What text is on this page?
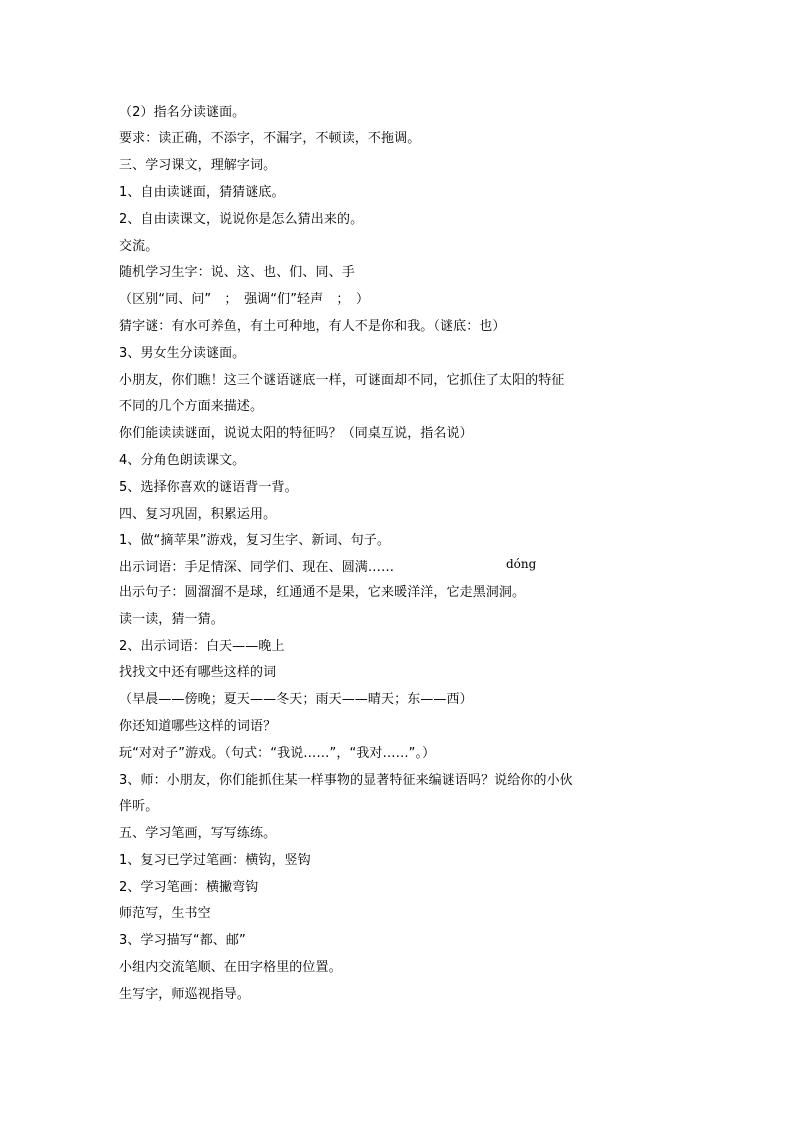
（2）指名分读谜面。
要求：读正确，不添字，不漏字，不顿读，不拖调。
三、学习课文，理解字词。
1、自由读谜面，猜猜谜底。
2、自由读课文，说说你是怎么猜出来的。
交流。
随机学习生字：说、这、也、们、同、手
（区别“同、问”　；　强调“们”轻声　；　）
猜字谜：有水可养鱼，有土可种地，有人不是你和我。（谜底：也）
3、男女生分读谜面。
小朋友，你们瞧！这三个谜语谜底一样，可谜面却不同，它抓住了太阳的特征
不同的几个方面来描述。
你们能读读谜面，说说太阳的特征吗？（同桌互说，指名说）
4、分角色朗读课文。
5、选择你喜欢的谜语背一背。
四、复习巩固，积累运用。
1、做“摘苹果”游戏，复习生字、新词、句子。
dóng
出示词语：手足情深、同学们、现在、圆满……
出示句子：圆溜溜不是球，红通通不是果，它来暖洋洋，它走黑洞洞。
读一读，猜一猜。
2、出示词语：白天——晚上
找找文中还有哪些这样的词
（早晨——傍晚；夏天——冬天；雨天——晴天；东——西）
你还知道哪些这样的词语？
玩“对对子”游戏。（句式：“我说……”，“我对……”。）
3、师：小朋友，你们能抓住某一样事物的显著特征来编谜语吗？说给你的小伙
伴听。
五、学习笔画，写写练练。
1、复习已学过笔画：横钩，竖钩
2、学习笔画：横撇弯钩
师范写，生书空
3、学习描写“都、邮”
小组内交流笔顺、在田字格里的位置。
生写字，师巡视指导。
